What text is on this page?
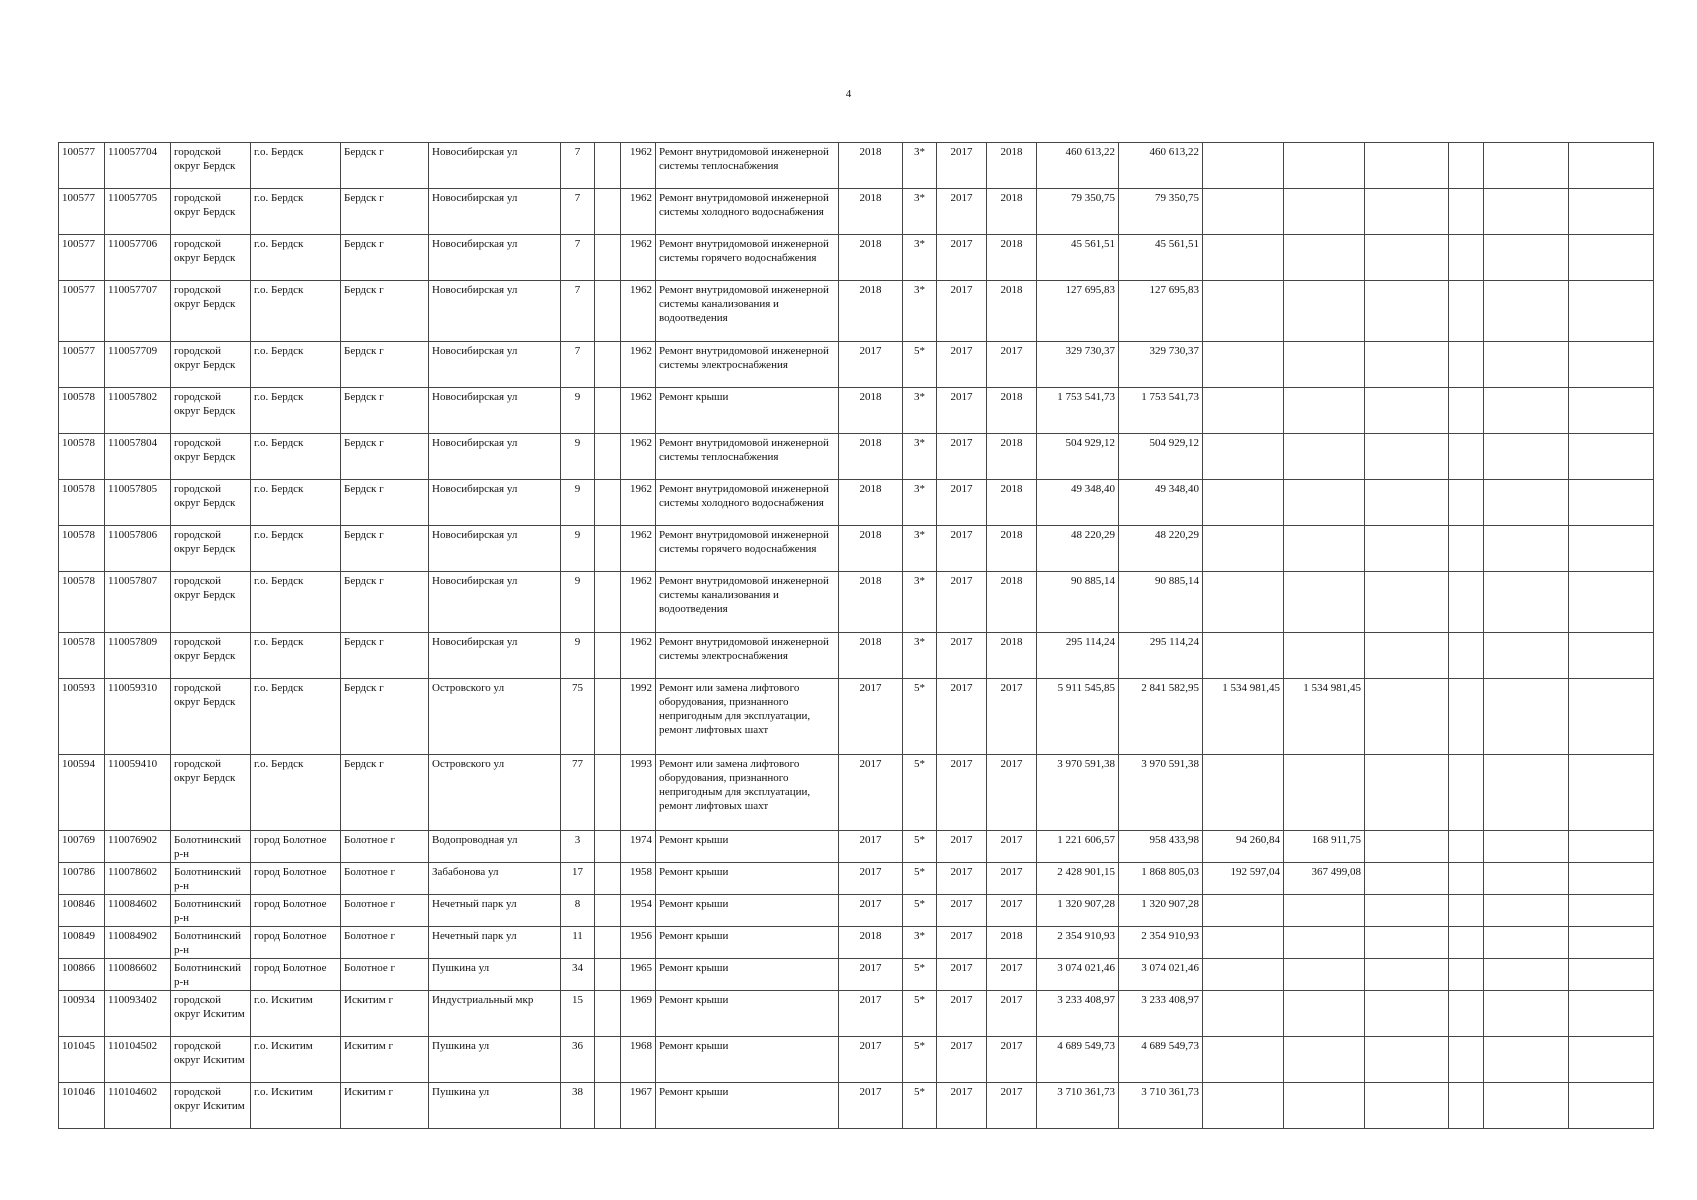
4
100577	110057704	городской округ Бердск	г.о. Бердск	Бердск г	Новосибирская ул	7		1962	Ремонт внутридомовой инженерной системы теплоснабжения	2018	3*	2017	2018	460 613,22	460 613,22						
100577	110057705	городской округ Бердск	г.о. Бердск	Бердск г	Новосибирская ул	7		1962	Ремонт внутридомовой инженерной системы холодного водоснабжения	2018	3*	2017	2018	79 350,75	79 350,75						
100577	110057706	городской округ Бердск	г.о. Бердск	Бердск г	Новосибирская ул	7		1962	Ремонт внутридомовой инженерной системы горячего водоснабжения	2018	3*	2017	2018	45 561,51	45 561,51						
100577	110057707	городской округ Бердск	г.о. Бердск	Бердск г	Новосибирская ул	7		1962	Ремонт внутридомовой инженерной системы канализования и водоотведения	2018	3*	2017	2018	127 695,83	127 695,83						
100577	110057709	городской округ Бердск	г.о. Бердск	Бердск г	Новосибирская ул	7		1962	Ремонт внутридомовой инженерной системы электроснабжения	2017	5*	2017	2017	329 730,37	329 730,37						
100578	110057802	городской округ Бердск	г.о. Бердск	Бердск г	Новосибирская ул	9		1962	Ремонт крыши	2018	3*	2017	2018	1 753 541,73	1 753 541,73						
100578	110057804	городской округ Бердск	г.о. Бердск	Бердск г	Новосибирская ул	9		1962	Ремонт внутридомовой инженерной системы теплоснабжения	2018	3*	2017	2018	504 929,12	504 929,12						
100578	110057805	городской округ Бердск	г.о. Бердск	Бердск г	Новосибирская ул	9		1962	Ремонт внутридомовой инженерной системы холодного водоснабжения	2018	3*	2017	2018	49 348,40	49 348,40						
100578	110057806	городской округ Бердск	г.о. Бердск	Бердск г	Новосибирская ул	9		1962	Ремонт внутридомовой инженерной системы горячего водоснабжения	2018	3*	2017	2018	48 220,29	48 220,29						
100578	110057807	городской округ Бердск	г.о. Бердск	Бердск г	Новосибирская ул	9		1962	Ремонт внутридомовой инженерной системы канализования и водоотведения	2018	3*	2017	2018	90 885,14	90 885,14						
100578	110057809	городской округ Бердск	г.о. Бердск	Бердск г	Новосибирская ул	9		1962	Ремонт внутридомовой инженерной системы электроснабжения	2018	3*	2017	2018	295 114,24	295 114,24						
100593	110059310	городской округ Бердск	г.о. Бердск	Бердск г	Островского ул	75		1992	Ремонт или замена лифтового оборудования, признанного непригодным для эксплуатации, ремонт лифтовых шахт	2017	5*	2017	2017	5 911 545,85	2 841 582,95	1 534 981,45	1 534 981,45				
100594	110059410	городской округ Бердск	г.о. Бердск	Бердск г	Островского ул	77		1993	Ремонт или замена лифтового оборудования, признанного непригодным для эксплуатации, ремонт лифтовых шахт	2017	5*	2017	2017	3 970 591,38	3 970 591,38						
100769	110076902	Болотнинский р-н	город Болотное	Болотное г	Водопроводная ул	3		1974	Ремонт крыши	2017	5*	2017	2017	1 221 606,57	958 433,98	94 260,84	168 911,75				
100786	110078602	Болотнинский р-н	город Болотное	Болотное г	Забабонова ул	17		1958	Ремонт крыши	2017	5*	2017	2017	2 428 901,15	1 868 805,03	192 597,04	367 499,08				
100846	110084602	Болотнинский р-н	город Болотное	Болотное г	Нечетный парк ул	8		1954	Ремонт крыши	2017	5*	2017	2017	1 320 907,28	1 320 907,28						
100849	110084902	Болотнинский р-н	город Болотное	Болотное г	Нечетный парк ул	11		1956	Ремонт крыши	2018	3*	2017	2018	2 354 910,93	2 354 910,93						
100866	110086602	Болотнинский р-н	город Болотное	Болотное г	Пушкина ул	34		1965	Ремонт крыши	2017	5*	2017	2017	3 074 021,46	3 074 021,46						
100934	110093402	городской округ Искитим	г.о. Искитим	Искитим г	Индустриальный мкр	15		1969	Ремонт крыши	2017	5*	2017	2017	3 233 408,97	3 233 408,97						
101045	110104502	городской округ Искитим	г.о. Искитим	Искитим г	Пушкина ул	36		1968	Ремонт крыши	2017	5*	2017	2017	4 689 549,73	4 689 549,73						
101046	110104602	городской округ Искитим	г.о. Искитим	Искитим г	Пушкина ул	38		1967	Ремонт крыши	2017	5*	2017	2017	3 710 361,73	3 710 361,73						
